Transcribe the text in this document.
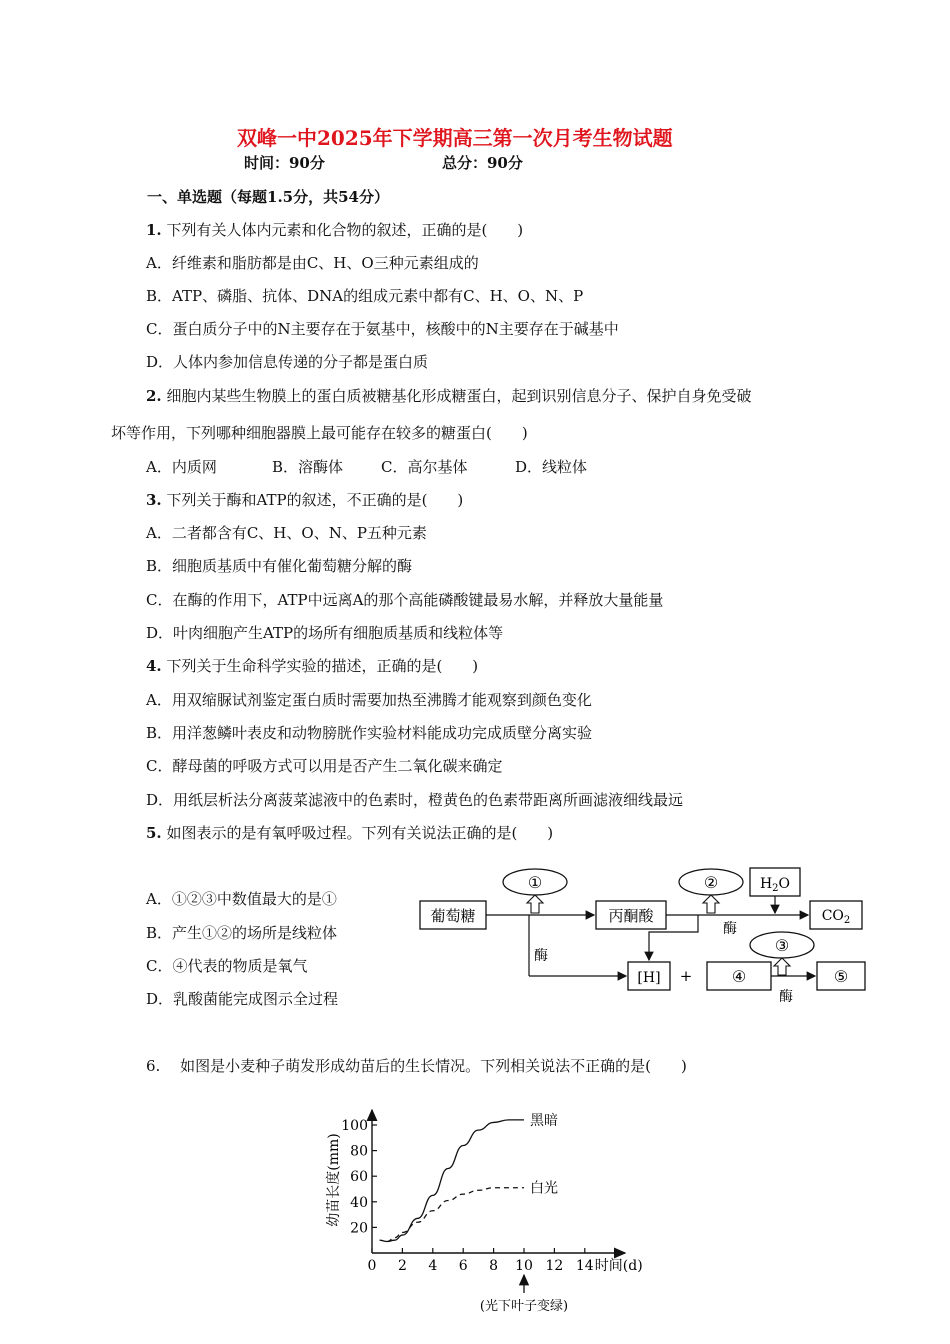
双峰一中2025年下学期高三第一次月考生物试题
时间：90分	总分：90分
一、单选题（每题1.5分，共54分）
1. 下列有关人体内元素和化合物的叙述，正确的是(　　)
A．纤维素和脂肪都是由C、H、O三种元素组成的
B．ATP、磷脂、抗体、DNA的组成元素中都有C、H、O、N、P
C．蛋白质分子中的N主要存在于氨基中，核酸中的N主要存在于碱基中
D．人体内参加信息传递的分子都是蛋白质
2. 细胞内某些生物膜上的蛋白质被糖基化形成糖蛋白，起到识别信息分子、保护自身免受破
坏等作用，下列哪种细胞器膜上最可能存在较多的糖蛋白(　　)
A．内质网	B．溶酶体	C．高尔基体	D．线粒体
3. 下列关于酶和ATP的叙述，不正确的是(　　)
A．二者都含有C、H、O、N、P五种元素
B．细胞质基质中有催化葡萄糖分解的酶
C．在酶的作用下，ATP中远离A的那个高能磷酸键最易水解，并释放大量能量
D．叶肉细胞产生ATP的场所有细胞质基质和线粒体等
4. 下列关于生命科学实验的描述，正确的是(　　)
A．用双缩脲试剂鉴定蛋白质时需要加热至沸腾才能观察到颜色变化
B．用洋葱鳞叶表皮和动物膀胱作实验材料能成功完成质壁分离实验
C．酵母菌的呼吸方式可以用是否产生二氧化碳来确定
D．用纸层析法分离菠菜滤液中的色素时，橙黄色的色素带距离所画滤液细线最远
5. 如图表示的是有氧呼吸过程。下列有关说法正确的是(　　)
A．①②③中数值最大的是①
B．产生①②的场所是线粒体
C．④代表的物质是氧气
D．乳酸菌能完成图示全过程
葡萄糖	丙酮酸
$H_2O$
$CO_2$
[H] + ④	⑤
①	②
③
酶
酶
酶
6.　 如图是小麦种子萌发形成幼苗后的生长情况。下列相关说法不正确的是(　　)
0 2 4 6 8 10 12 14
20
40
60
80
100	黑暗
白光
幼苗长度(mm)
时间(d)
(光下叶子变绿)
